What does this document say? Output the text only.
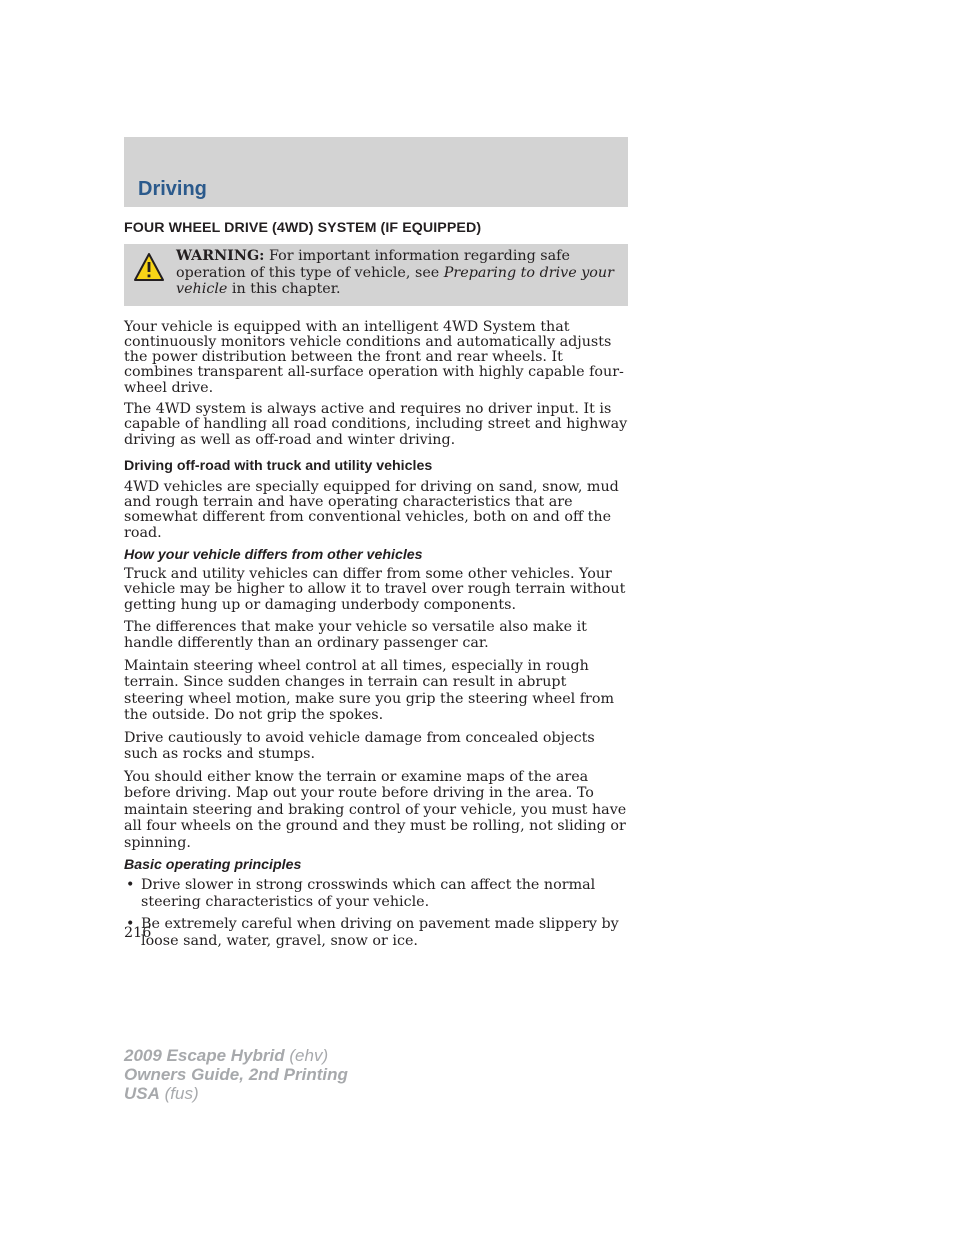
Driving
FOUR WHEEL DRIVE (4WD) SYSTEM (IF EQUIPPED)
WARNING: For important information regarding safe operation of this type of vehicle, see Preparing to drive your vehicle in this chapter.

Your vehicle is equipped with an intelligent 4WD System that continuously monitors vehicle conditions and automatically adjusts the power distribution between the front and rear wheels. It combines transparent all-surface operation with highly capable four-wheel drive.

The 4WD system is always active and requires no driver input. It is capable of handling all road conditions, including street and highway driving as well as off-road and winter driving.

Driving off-road with truck and utility vehicles

4WD vehicles are specially equipped for driving on sand, snow, mud and rough terrain and have operating characteristics that are somewhat different from conventional vehicles, both on and off the road.

How your vehicle differs from other vehicles

Truck and utility vehicles can differ from some other vehicles. Your vehicle may be higher to allow it to travel over rough terrain without getting hung up or damaging underbody components.

The differences that make your vehicle so versatile also make it handle differently than an ordinary passenger car.

Maintain steering wheel control at all times, especially in rough terrain. Since sudden changes in terrain can result in abrupt steering wheel motion, make sure you grip the steering wheel from the outside. Do not grip the spokes.

Drive cautiously to avoid vehicle damage from concealed objects such as rocks and stumps.

You should either know the terrain or examine maps of the area before driving. Map out your route before driving in the area. To maintain steering and braking control of your vehicle, you must have all four wheels on the ground and they must be rolling, not sliding or spinning.

Basic operating principles
• Drive slower in strong crosswinds which can affect the normal steering characteristics of your vehicle.
• Be extremely careful when driving on pavement made slippery by loose sand, water, gravel, snow or ice.
216
2009 Escape Hybrid (ehv)
Owners Guide, 2nd Printing
USA (fus)
